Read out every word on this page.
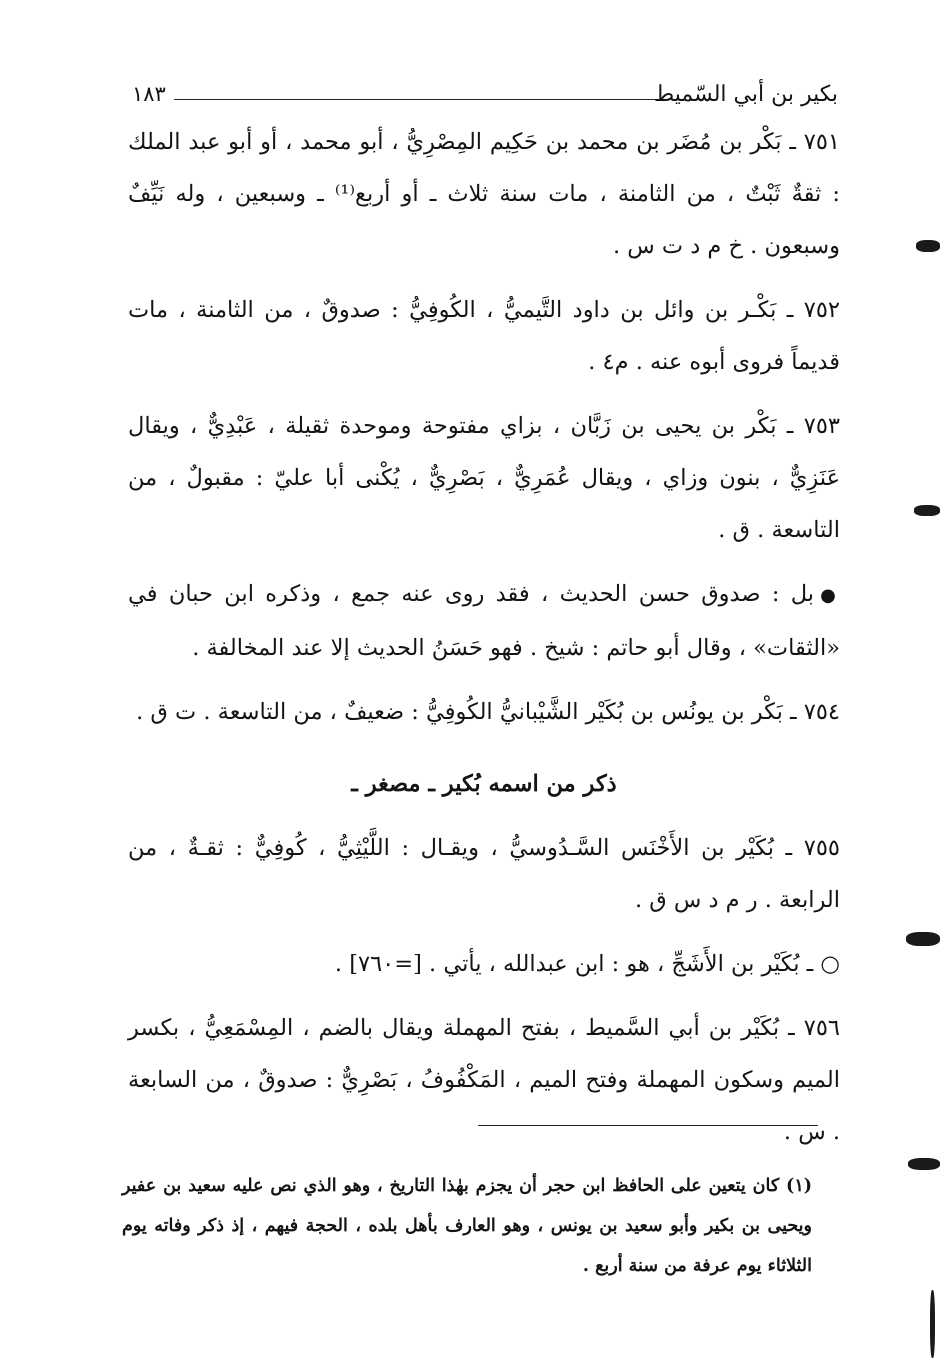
بكير بن أبي السّميط
١٨٣

٧٥١ ـ بَكْر بن مُضَر بن محمد بن حَكِيم المِصْرِيُّ ، أبو محمد ، أو أبو عبد الملك : ثقةٌ ثَبْتٌ ، من الثامنة ، مات سنة ثلاث ـ أو أربع⁽¹⁾ ـ وسبعين ، وله نَيِّفٌ وسبعون . خ م د ت س .

٧٥٢ ـ بَكْـر بن وائل بن داود التَّيميُّ ، الكُوفِيُّ : صدوقٌ ، من الثامنة ، مات قديماً فروى أبوه عنه . م٤ .

٧٥٣ ـ بَكْر بن يحيى بن زَبَّان ، بزاي مفتوحة وموحدة ثقيلة ، عَبْدِيٌّ ، ويقال عَنَزِيٌّ ، بنون وزاي ، ويقال عُمَرِيٌّ ، بَصْرِيٌّ ، يُكْنى أبا عليّ : مقبولٌ ، من التاسعة . ق .

●بل : صدوق حسن الحديث ، فقد روى عنه جمع ، وذكره ابن حبان في «الثقات» ، وقال أبو حاتم : شيخ . فهو حَسَنُ الحديث إلا عند المخالفة .

٧٥٤ ـ بَكْر بن يونُس بن بُكَيْر الشَّيْبانيُّ الكُوفِيُّ : ضعيفٌ ، من التاسعة . ت ق .

ذكر من اسمه بُكير ـ مصغر ـ

٧٥٥ ـ بُكَيْر بن الأَخْنَس السَّـدُوسيُّ ، ويقـال : اللَّيْثِيُّ ، كُوفِيٌّ : ثقـةٌ ، من الرابعة . ر م د س ق .

○ ـ بُكَيْر بن الأَشَجِّ ، هو : ابن عبدالله ، يأتي . [=٧٦٠] .

٧٥٦ ـ بُكَيْر بن أبي السَّميط ، بفتح المهملة ويقال بالضم ، المِسْمَعِيُّ ، بكسر الميم وسكون المهملة وفتح الميم ، المَكْفُوفُ ، بَصْرِيٌّ : صدوقٌ ، من السابعة . س .

(١) كان يتعين على الحافظ ابن حجر أن يجزم بهٰذا التاريخ ، وهو الذي نص عليه سعيد بن عفير ويحيى بن بكير وأبو سعيد بن يونس ، وهو العارف بأهل بلده ، الحجة فيهم ، إذ ذكر وفاته يوم الثلاثاء يوم عرفة من سنة أربع .
